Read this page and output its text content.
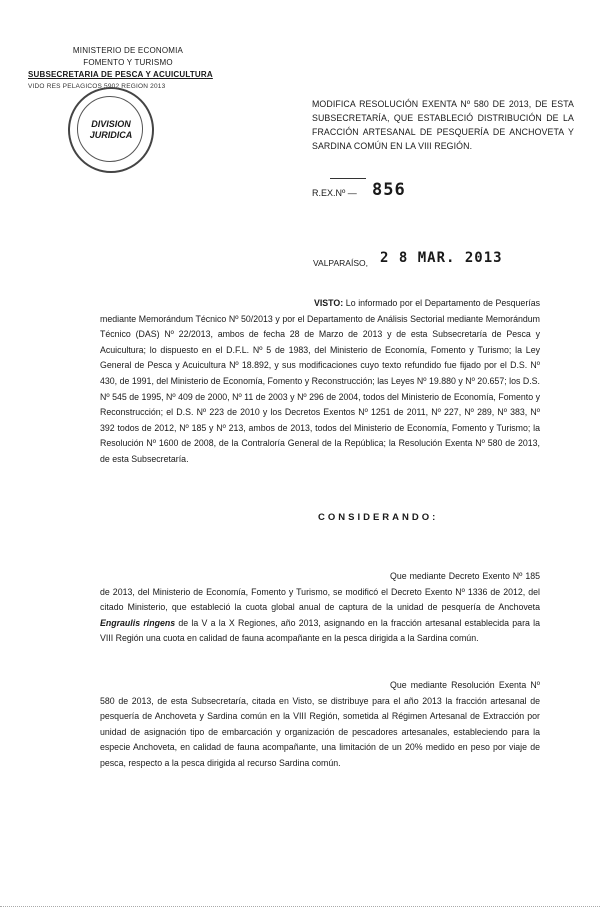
MINISTERIO DE ECONOMIA
FOMENTO Y TURISMO
SUBSECRETARIA DE PESCA Y ACUICULTURA
VIDO RES PELAGICOS 5902 REGION 2013
DIVISION
JURIDICA
MODIFICA RESOLUCIÓN EXENTA Nº 580 DE 2013, DE ESTA SUBSECRETARÍA, QUE ESTABLECIÓ DISTRIBUCIÓN DE LA FRACCIÓN ARTESANAL DE PESQUERÍA DE ANCHOVETA Y SARDINA COMÚN EN LA VIII REGIÓN.
R.EX.Nº — 856
VALPARAÍSO, 2 8 MAR. 2013
VISTO: Lo informado por el Departamento de Pesquerías mediante Memorándum Técnico Nº 50/2013 y por el Departamento de Análisis Sectorial mediante Memorándum Técnico (DAS) Nº 22/2013, ambos de fecha 28 de Marzo de 2013 y de esta Subsecretaría de Pesca y Acuicultura; lo dispuesto en el D.F.L. Nº 5 de 1983, del Ministerio de Economía, Fomento y Turismo; la Ley General de Pesca y Acuicultura Nº 18.892, y sus modificaciones cuyo texto refundido fue fijado por el D.S. Nº 430, de 1991, del Ministerio de Economía, Fomento y Reconstrucción; las Leyes Nº 19.880 y Nº 20.657; los D.S. Nº 545 de 1995, Nº 409 de 2000, Nº 11 de 2003 y Nº 296 de 2004, todos del Ministerio de Economía, Fomento y Reconstrucción; el D.S. Nº 223 de 2010 y los Decretos Exentos Nº 1251 de 2011, Nº 227, Nº 289, Nº 383, Nº 392 todos de 2012, Nº 185 y Nº 213, ambos de 2013, todos del Ministerio de Economía, Fomento y Turismo; la Resolución Nº 1600 de 2008, de la Contraloría General de la República; la Resolución Exenta Nº 580 de 2013, de esta Subsecretaría.
CONSIDERANDO:
Que mediante Decreto Exento Nº 185 de 2013, del Ministerio de Economía, Fomento y Turismo, se modificó el Decreto Exento Nº 1336 de 2012, del citado Ministerio, que estableció la cuota global anual de captura de la unidad de pesquería de Anchoveta Engraulis ringens de la V a la X Regiones, año 2013, asignando en la fracción artesanal establecida para la VIII Región una cuota en calidad de fauna acompañante en la pesca dirigida a la Sardina común.
Que mediante Resolución Exenta Nº 580 de 2013, de esta Subsecretaría, citada en Visto, se distribuye para el año 2013 la fracción artesanal de pesquería de Anchoveta y Sardina común en la VIII Región, sometida al Régimen Artesanal de Extracción por unidad de asignación tipo de embarcación y organización de pescadores artesanales, estableciendo para la especie Anchoveta, en calidad de fauna acompañante, una limitación de un 20% medido en peso por viaje de pesca, respecto a la pesca dirigida al recurso Sardina común.
